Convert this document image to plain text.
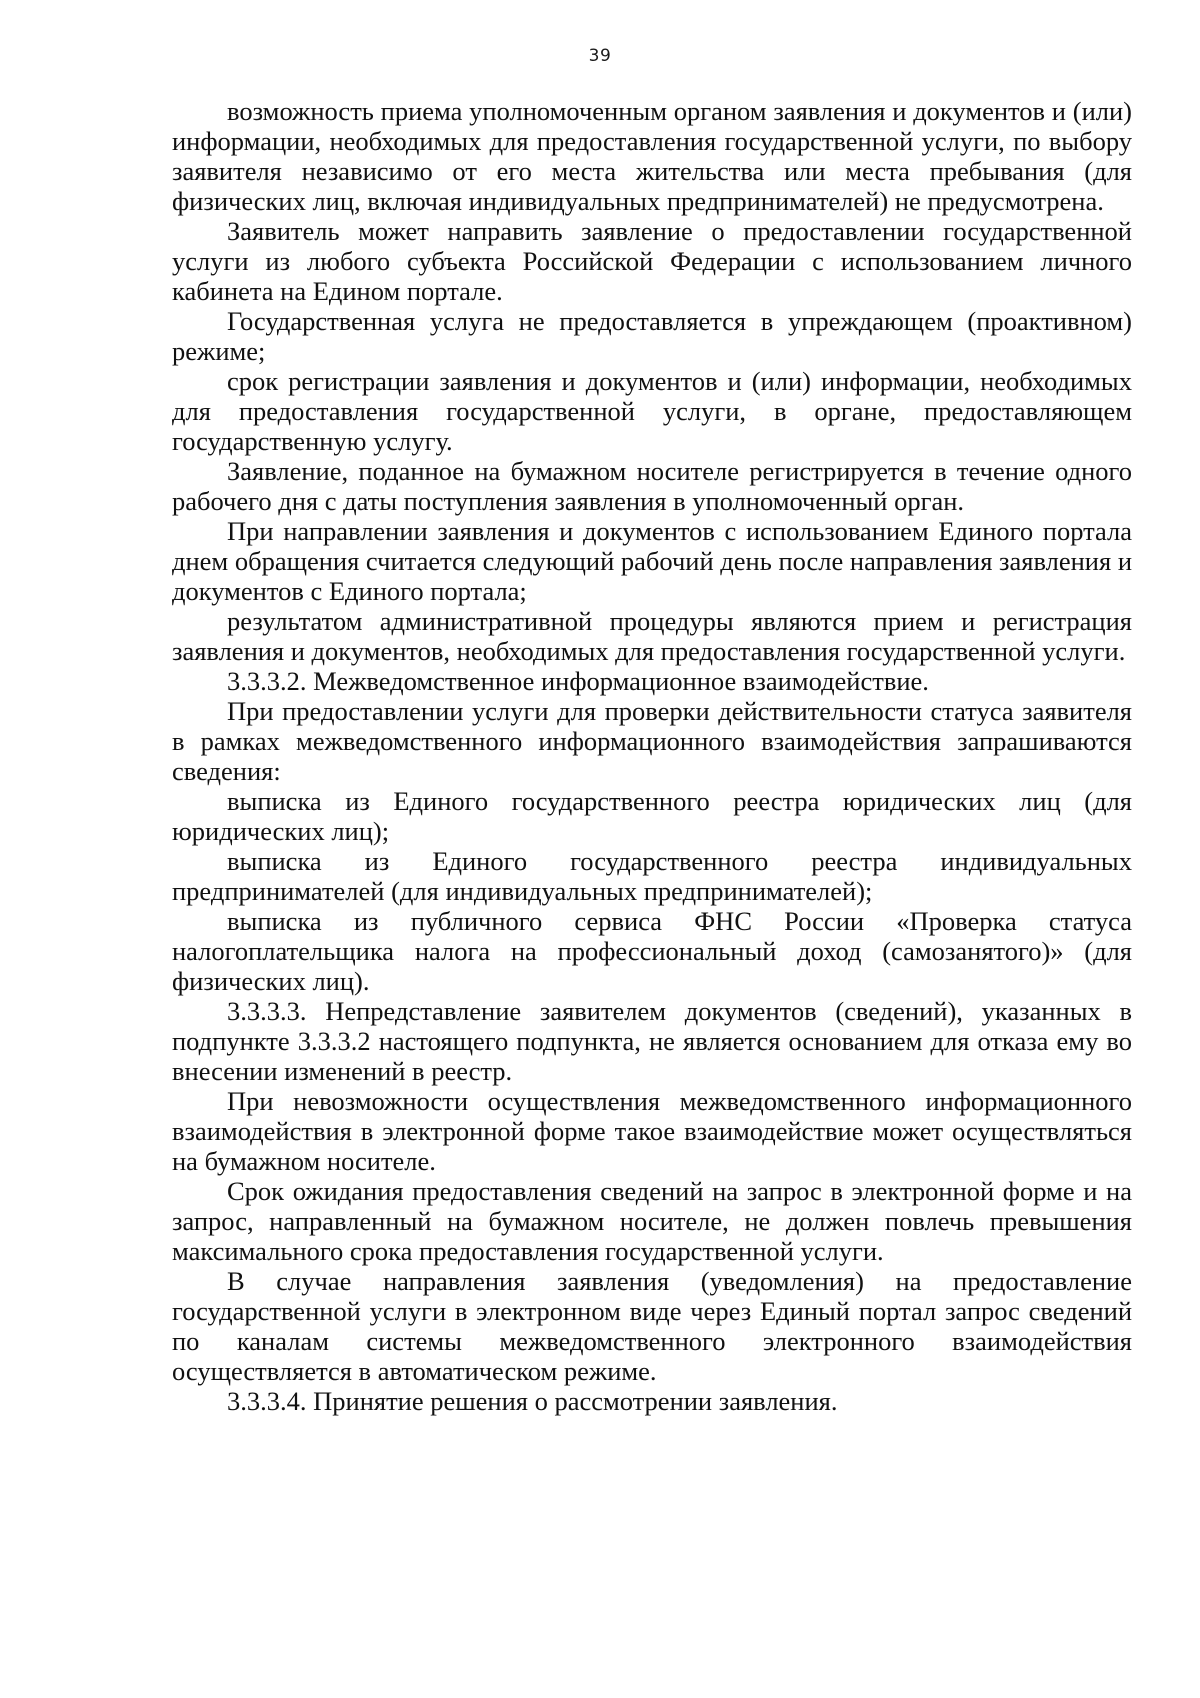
39

возможность приема уполномоченным органом заявления и документов и (или) информации, необходимых для предоставления государственной услуги, по выбору заявителя независимо от его места жительства или места пребывания (для физических лиц, включая индивидуальных предпринимателей) не предусмотрена.

Заявитель может направить заявление о предоставлении государственной услуги из любого субъекта Российской Федерации с использованием личного кабинета на Едином портале.

Государственная услуга не предоставляется в упреждающем (проактивном) режиме;

срок регистрации заявления и документов и (или) информации, необходимых для предоставления государственной услуги, в органе, предоставляющем государственную услугу.

Заявление, поданное на бумажном носителе регистрируется в течение одного рабочего дня с даты поступления заявления в уполномоченный орган.

При направлении заявления и документов с использованием Единого портала днем обращения считается следующий рабочий день после направления заявления и документов с Единого портала;

результатом административной процедуры являются прием и регистрация заявления и документов, необходимых для предоставления государственной услуги.

3.3.3.2. Межведомственное информационное взаимодействие.

При предоставлении услуги для проверки действительности статуса заявителя в рамках межведомственного информационного взаимодействия запрашиваются сведения:

выписка из Единого государственного реестра юридических лиц (для юридических лиц);

выписка из Единого государственного реестра индивидуальных предпринимателей (для индивидуальных предпринимателей);

выписка из публичного сервиса ФНС России «Проверка статуса налогоплательщика налога на профессиональный доход (самозанятого)» (для физических лиц).

3.3.3.3. Непредставление заявителем документов (сведений), указанных в подпункте 3.3.3.2 настоящего подпункта, не является основанием для отказа ему во внесении изменений в реестр.

При невозможности осуществления межведомственного информационного взаимодействия в электронной форме такое взаимодействие может осуществляться на бумажном носителе.

Срок ожидания предоставления сведений на запрос в электронной форме и на запрос, направленный на бумажном носителе, не должен повлечь превышения максимального срока предоставления государственной услуги.

В случае направления заявления (уведомления) на предоставление государственной услуги в электронном виде через Единый портал запрос сведений по каналам системы межведомственного электронного взаимодействия осуществляется в автоматическом режиме.

3.3.3.4. Принятие решения о рассмотрении заявления.
